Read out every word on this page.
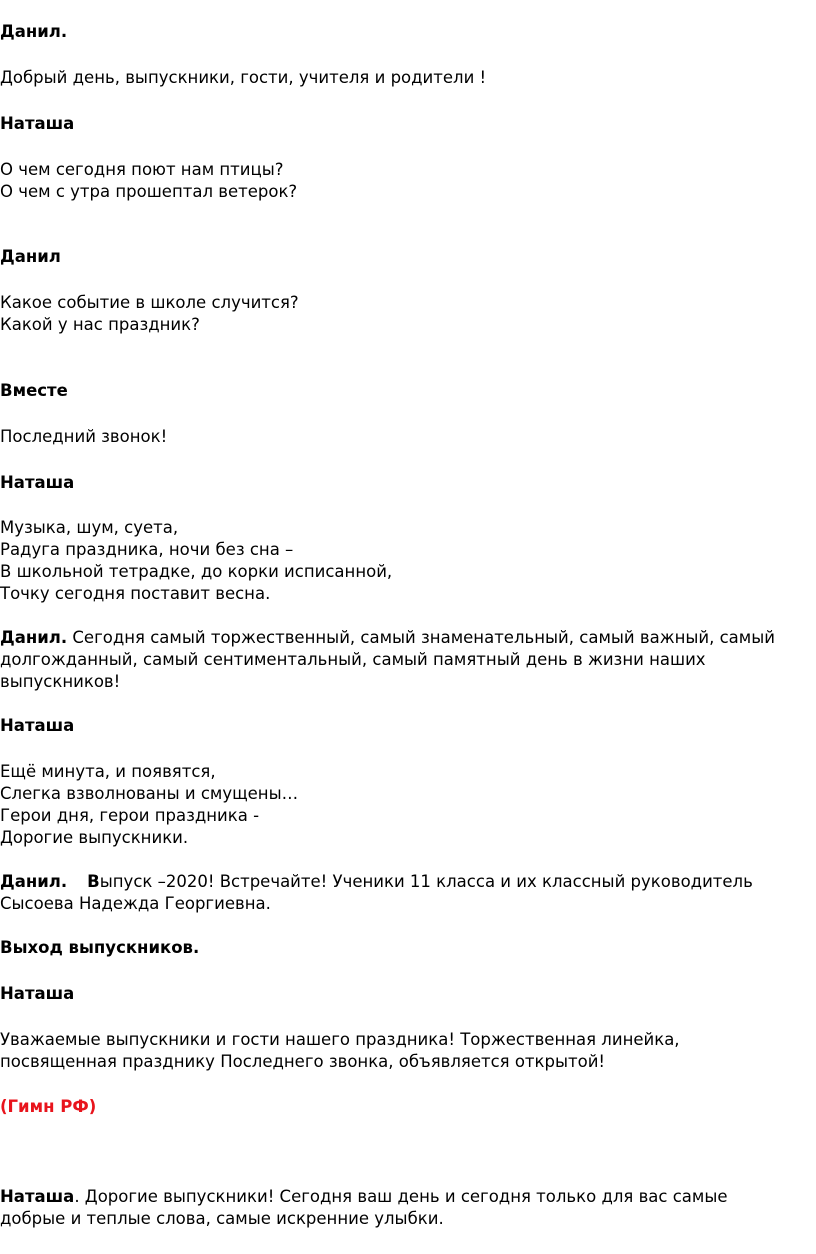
Данил.

Добрый день, выпускники, гости, учителя и родители !

Наташа

О чем сегодня поют нам птицы?

О чем с утра прошептал ветерок?

Данил

Какое событие в школе случится?

Какой у нас праздник?

Вместе

Последний звонок!

Наташа

Музыка, шум, суета,

Радуга праздника, ночи без сна –

В школьной тетрадке, до корки исписанной,

Точку сегодня поставит весна.

Данил. Сегодня самый торжественный, самый знаменательный, самый важный, самый

долгожданный, самый сентиментальный, самый памятный день в жизни наших

выпускников!

Наташа

Ещё минута, и появятся,

Слегка взволнованы и смущены…

Герои дня, герои праздника -

Дорогие выпускники.

Данил. Выпуск –2020! Встречайте! Ученики 11 класса и их классный руководитель

Сысоева Надежда Георгиевна.

Выход выпускников.

Наташа

Уважаемые выпускники и гости нашего праздника! Торжественная линейка,

посвященная празднику Последнего звонка, объявляется открытой!

(Гимн РФ)

Наташа. Дорогие выпускники! Сегодня ваш день и сегодня только для вас самые

добрые и теплые слова, самые искренние улыбки.
